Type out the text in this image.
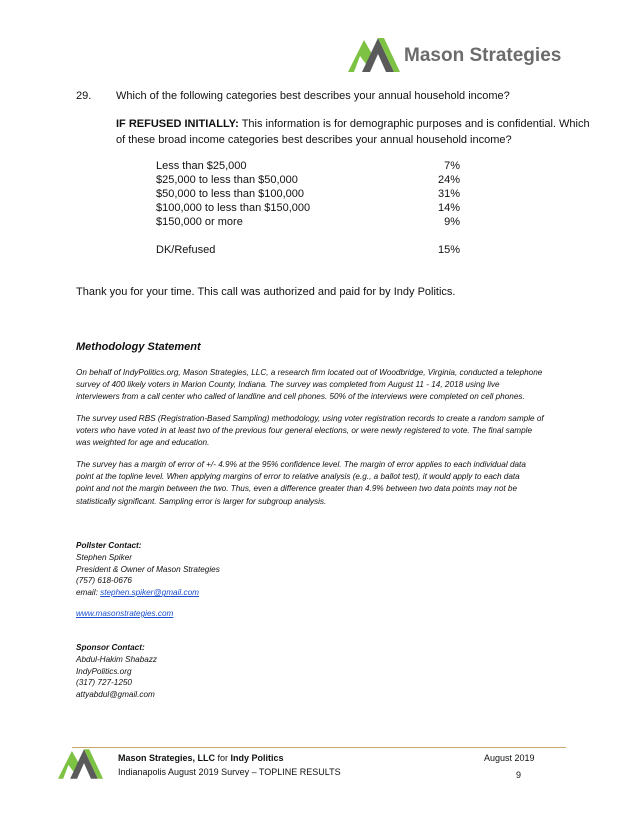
Mason Strategies
29. Which of the following categories best describes your annual household income?
IF REFUSED INITIALLY: This information is for demographic purposes and is confidential. Which
of these broad income categories best describes your annual household income?
Less than $25,000	7%
$25,000 to less than $50,000	24%
$50,000 to less than $100,000	31%
$100,000 to less than $150,000	14%
$150,000 or more	9%
DK/Refused	15%
Thank you for your time. This call was authorized and paid for by Indy Politics.
Methodology Statement

On behalf of IndyPolitics.org, Mason Strategies, LLC, a research firm located out of Woodbridge, Virginia, conducted a telephone

survey of 400 likely voters in Marion County, Indiana. The survey was completed from August 11 - 14, 2018 using live

interviewers from a call center who called of landline and cell phones. 50% of the interviews were completed on cell phones.

The survey used RBS (Registration-Based Sampling) methodology, using voter registration records to create a random sample of

voters who have voted in at least two of the previous four general elections, or were newly registered to vote. The final sample

was weighted for age and education.

The survey has a margin of error of +/- 4.9% at the 95% confidence level. The margin of error applies to each individual data

point at the topline level. When applying margins of error to relative analysis (e.g., a ballot test), it would apply to each data

point and not the margin between the two. Thus, even a difference greater than 4.9% between two data points may not be

statistically significant. Sampling error is larger for subgroup analysis.

Pollster Contact:
Stephen Spiker
President & Owner of Mason Strategies
(757) 618-0676
email: stephen.spiker@gmail.com
www.masonstrategies.com
Sponsor Contact:
Abdul-Hakim Shabazz
IndyPolitics.org
(317) 727-1250
attyabdul@gmail.com
Mason Strategies, LLC for Indy Politics
Indianapolis August 2019 Survey – TOPLINE RESULTS
August 2019
9
